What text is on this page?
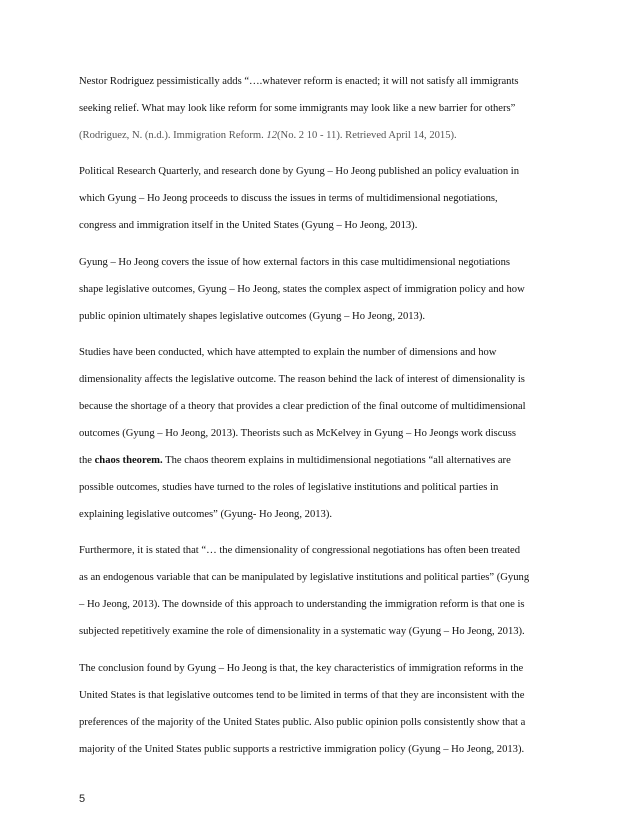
Nestor Rodriguez pessimistically adds “….whatever reform is enacted; it will not satisfy all immigrants
seeking relief. What may look like reform for some immigrants may look like a new barrier for others”
(Rodriguez, N. (n.d.). Immigration Reform. 12(No. 2 10 - 11). Retrieved April 14, 2015).
Political Research Quarterly, and research done by Gyung – Ho Jeong published an policy evaluation in
which Gyung – Ho Jeong proceeds to discuss the issues in terms of multidimensional negotiations,
congress and immigration itself in the United States (Gyung – Ho Jeong, 2013).
Gyung – Ho Jeong covers the issue of how external factors in this case multidimensional negotiations
shape legislative outcomes, Gyung – Ho Jeong, states the complex aspect of immigration policy and how
public opinion ultimately shapes legislative outcomes (Gyung – Ho Jeong, 2013).
Studies have been conducted, which have attempted to explain the number of dimensions and how
dimensionality affects the legislative outcome. The reason behind the lack of interest of dimensionality is
because the shortage of a theory that provides a clear prediction of the final outcome of multidimensional
outcomes (Gyung – Ho Jeong, 2013). Theorists such as McKelvey in Gyung – Ho Jeongs work discuss
the chaos theorem. The chaos theorem explains in multidimensional negotiations “all alternatives are
possible outcomes, studies have turned to the roles of legislative institutions and political parties in
explaining legislative outcomes” (Gyung- Ho Jeong, 2013).
Furthermore, it is stated that “… the dimensionality of congressional negotiations has often been treated
as an endogenous variable that can be manipulated by legislative institutions and political parties” (Gyung
– Ho Jeong, 2013). The downside of this approach to understanding the immigration reform is that one is
subjected repetitively examine the role of dimensionality in a systematic way (Gyung – Ho Jeong, 2013).
The conclusion found by Gyung – Ho Jeong is that, the key characteristics of immigration reforms in the
United States is that legislative outcomes tend to be limited in terms of that they are inconsistent with the
preferences of the majority of the United States public. Also public opinion polls consistently show that a
majority of the United States public supports a restrictive immigration policy (Gyung – Ho Jeong, 2013).
5
